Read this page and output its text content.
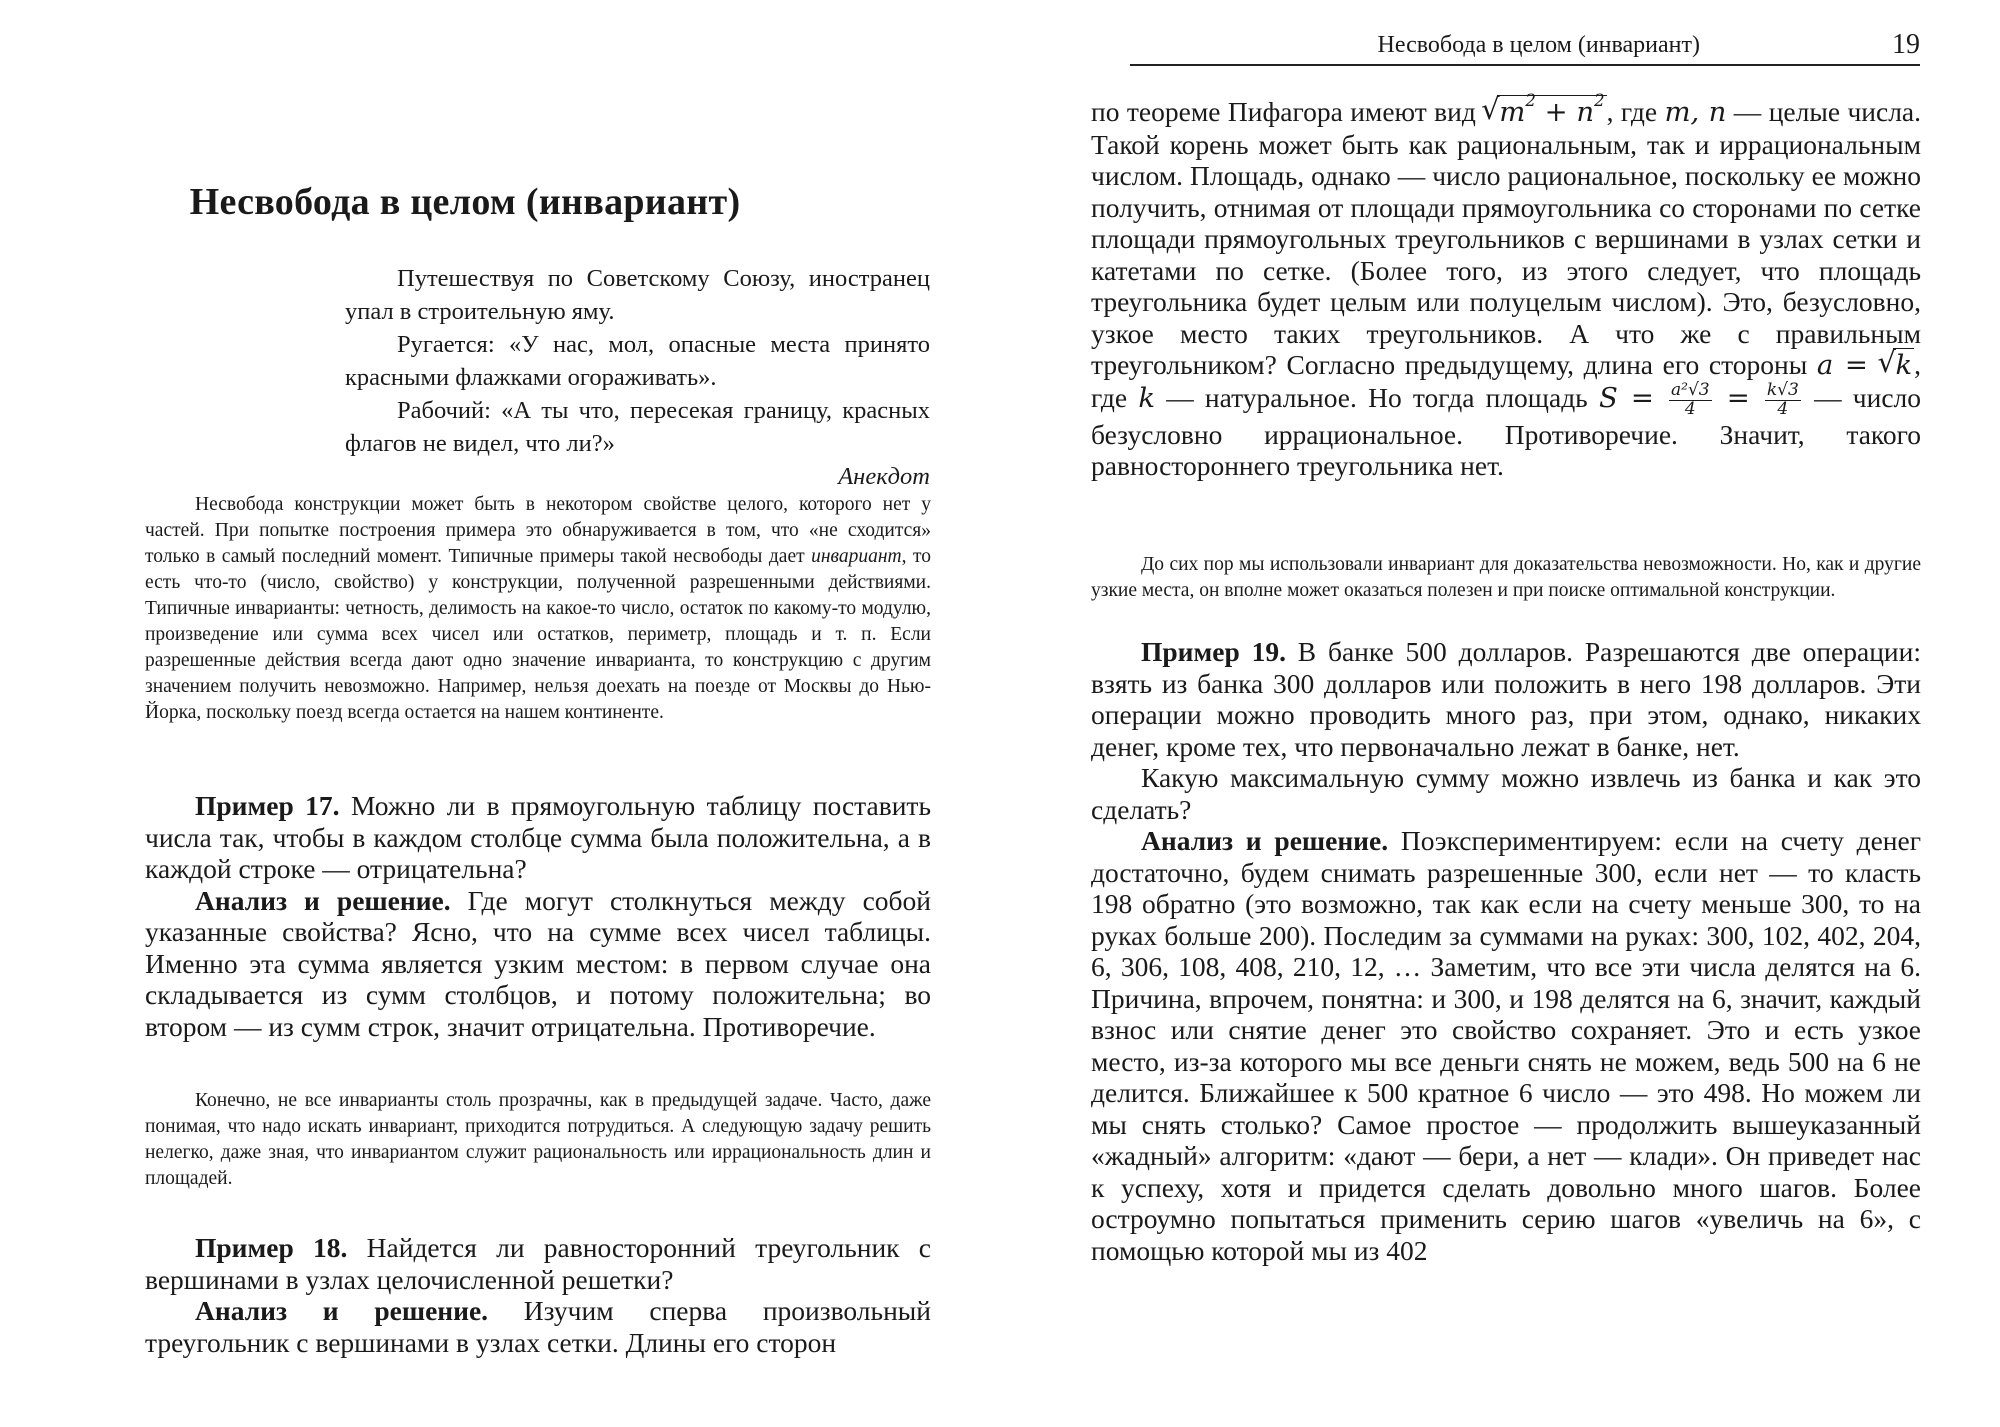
Несвобода в целом (инвариант)

Путешествуя по Советскому Союзу, иностранец упал в строительную яму.

Ругается: «У нас, мол, опасные места принято красными флажками огораживать».

Рабочий: «А ты что, пересекая границу, красных флагов не видел, что ли?»

Анекдот

Несвобода конструкции может быть в некотором свойстве целого, которого нет у частей. При попытке построения примера это обнаруживается в том, что «не сходится» только в самый последний момент. Типичные примеры такой несвободы дает инвариант, то есть что-то (число, свойство) у конструкции, полученной разрешенными действиями. Типичные инварианты: четность, делимость на какое-то число, остаток по какому-то модулю, произведение или сумма всех чисел или остатков, периметр, площадь и т. п. Если разрешенные действия всегда дают одно значение инварианта, то конструкцию с другим значением получить невозможно. Например, нельзя доехать на поезде от Москвы до Нью-Йорка, поскольку поезд всегда остается на нашем континенте.

Пример 17. Можно ли в прямоугольную таблицу поставить числа так, чтобы в каждом столбце сумма была положительна, а в каждой строке — отрицательна?

Анализ и решение. Где могут столкнуться между собой указанные свойства? Ясно, что на сумме всех чисел таблицы. Именно эта сумма является узким местом: в первом случае она складывается из сумм столбцов, и потому положительна; во втором — из сумм строк, значит отрицательна. Противоречие.

Конечно, не все инварианты столь прозрачны, как в предыдущей задаче. Часто, даже понимая, что надо искать инвариант, приходится потрудиться. А следующую задачу решить нелегко, даже зная, что инвариантом служит рациональность или иррациональность длин и площадей.

Пример 18. Найдется ли равносторонний треугольник с вершинами в узлах целочисленной решетки?

Анализ и решение. Изучим сперва произвольный треугольник с вершинами в узлах сетки. Длины его сторон

Несвобода в целом (инвариант)	19

по теореме Пифагора имеют вид √ $m^2 + n^2$, где m, n — целые числа. Такой корень может быть как рациональным, так и иррациональным числом. Площадь, однако — число рациональное, поскольку ее можно получить, отнимая от площади прямоугольника со сторонами по сетке площади прямоугольных треугольников с вершинами в узлах сетки и катетами по сетке. (Более того, из этого следует, что площадь треугольника будет целым или полуцелым числом). Это, безусловно, узкое место таких треугольников. А что же с правильным треугольником? Согласно предыдущему, длина его стороны a = √ k, где k — натуральное. Но тогда площадь $S = \frac{\text{a²√3}}{4} = \frac{k√3}{4}$ — число безусловно иррациональное. Противоречие. Значит, такого равностороннего треугольника нет.

До сих пор мы использовали инвариант для доказательства невозможности. Но, как и другие узкие места, он вполне может оказаться полезен и при поиске оптимальной конструкции.

Пример 19. В банке 500 долларов. Разрешаются две операции: взять из банка 300 долларов или положить в него 198 долларов. Эти операции можно проводить много раз, при этом, однако, никаких денег, кроме тех, что первоначально лежат в банке, нет.

Какую максимальную сумму можно извлечь из банка и как это сделать?

Анализ и решение. Поэкспериментируем: если на счету денег достаточно, будем снимать разрешенные 300, если нет — то класть 198 обратно (это возможно, так как если на счету меньше 300, то на руках больше 200). Последим за суммами на руках: 300, 102, 402, 204, 6, 306, 108, 408, 210, 12, … Заметим, что все эти числа делятся на 6. Причина, впрочем, понятна: и 300, и 198 делятся на 6, значит, каждый взнос или снятие денег это свойство сохраняет. Это и есть узкое место, из-за которого мы все деньги снять не можем, ведь 500 на 6 не делится. Ближайшее к 500 кратное 6 число — это 498. Но можем ли мы снять столько? Самое простое — продолжить вышеуказанный «жадный» алгоритм: «дают — бери, а нет — клади». Он приведет нас к успеху, хотя и придется сделать довольно много шагов. Более остроумно попытаться применить серию шагов «увеличь на 6», с помощью которой мы из 402
